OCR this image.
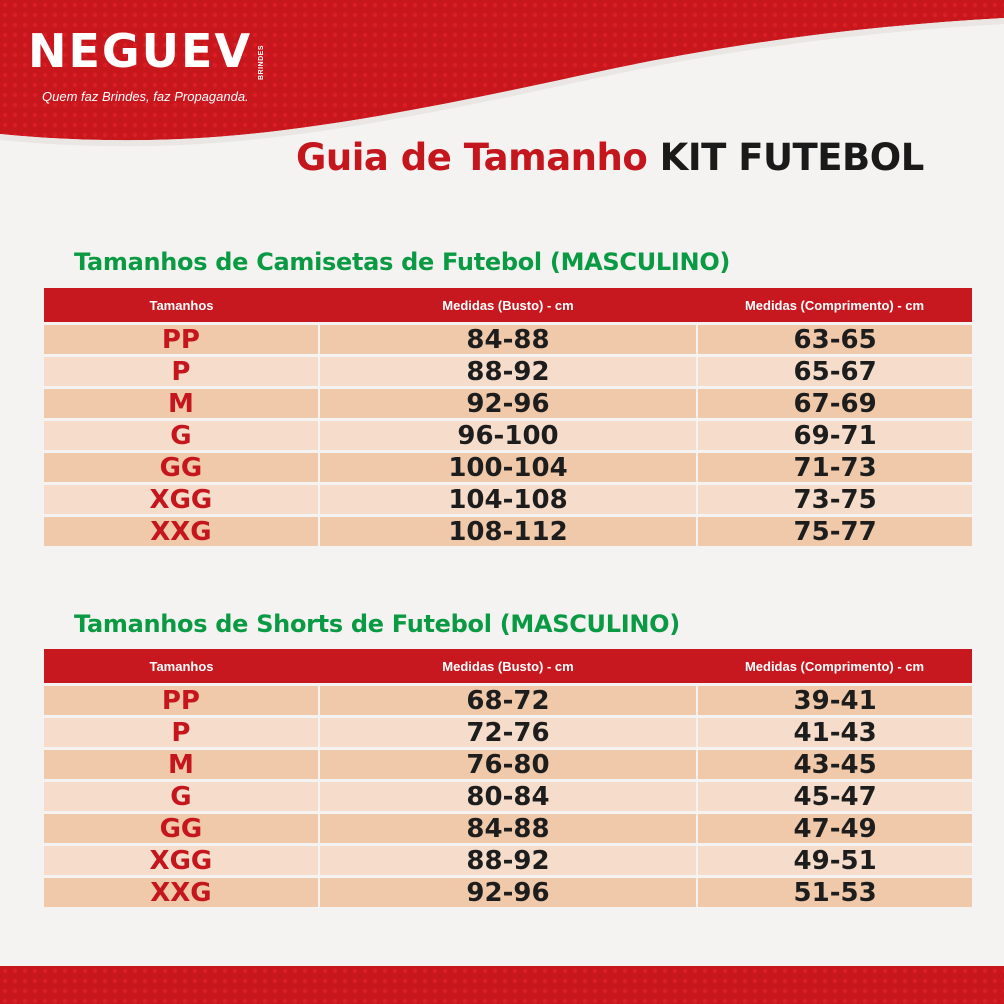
NEGUEV BRINDES
Quem faz Brindes, faz Propaganda.
Guia de Tamanho KIT FUTEBOL
Tamanhos de Camisetas de Futebol (MASCULINO)
Tamanhos	Medidas (Busto) - cm	Medidas (Comprimento) - cm
PP	84-88	63-65
P	88-92	65-67
M	92-96	67-69
G	96-100	69-71
GG	100-104	71-73
XGG	104-108	73-75
XXG	108-112	75-77
Tamanhos de Shorts de Futebol (MASCULINO)
Tamanhos	Medidas (Busto) - cm	Medidas (Comprimento) - cm
PP	68-72	39-41
P	72-76	41-43
M	76-80	43-45
G	80-84	45-47
GG	84-88	47-49
XGG	88-92	49-51
XXG	92-96	51-53
